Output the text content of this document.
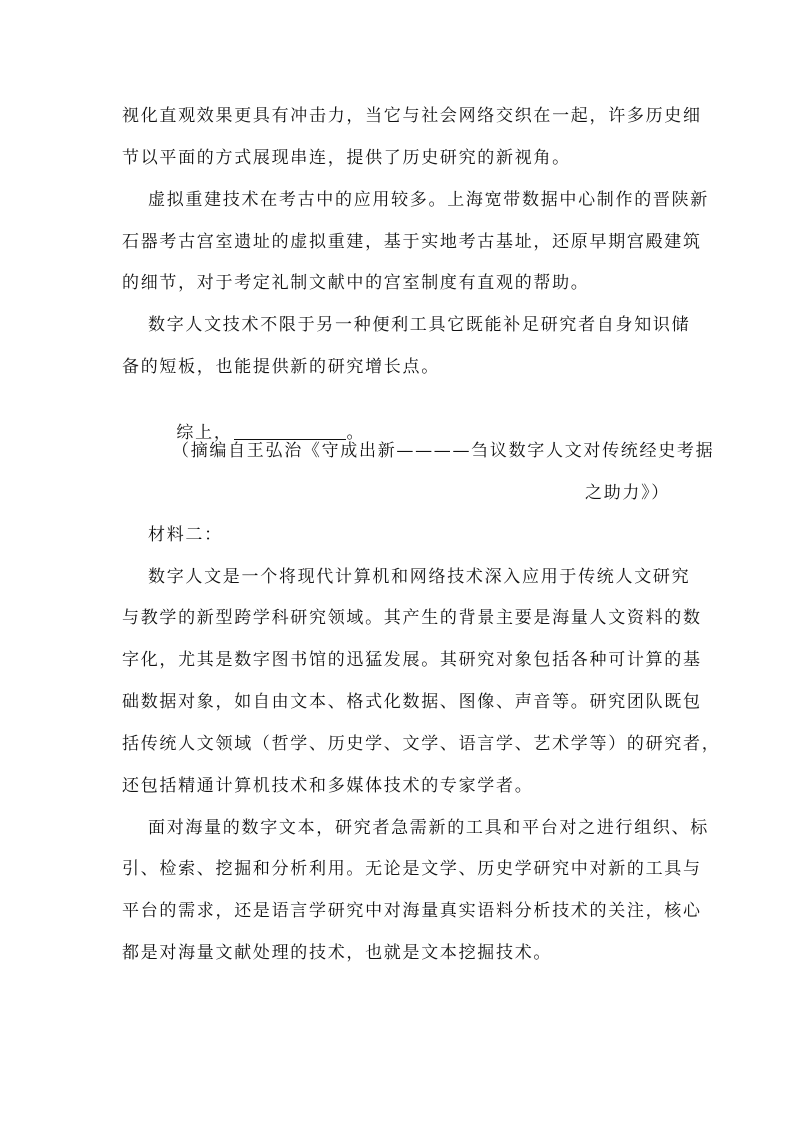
视化直观效果更具有冲击力，当它与社会网络交织在一起，许多历史细
节以平面的方式展现串连，提供了历史研究的新视角。
虚拟重建技术在考古中的应用较多。上海宽带数据中心制作的晋陕新
石器考古宫室遗址的虚拟重建，基于实地考古基址，还原早期宫殿建筑
的细节，对于考定礼制文献中的宫室制度有直观的帮助。
数字人文技术不限于另一种便利工具它既能补足研究者自身知识储
备的短板，也能提供新的研究增长点。

综上，	。

（摘编自王弘治《守成出新————刍议数字人文对传统经史考据
之助力》）
材料二：
数字人文是一个将现代计算机和网络技术深入应用于传统人文研究
与教学的新型跨学科研究领域。其产生的背景主要是海量人文资料的数
字化，尤其是数字图书馆的迅猛发展。其研究对象包括各种可计算的基
础数据对象，如自由文本、格式化数据、图像、声音等。研究团队既包
括传统人文领域（哲学、历史学、文学、语言学、艺术学等）的研究者，
还包括精通计算机技术和多媒体技术的专家学者。
面对海量的数字文本，研究者急需新的工具和平台对之进行组织、标
引、检索、挖掘和分析利用。无论是文学、历史学研究中对新的工具与
平台的需求，还是语言学研究中对海量真实语料分析技术的关注，核心
都是对海量文献处理的技术，也就是文本挖掘技术。
